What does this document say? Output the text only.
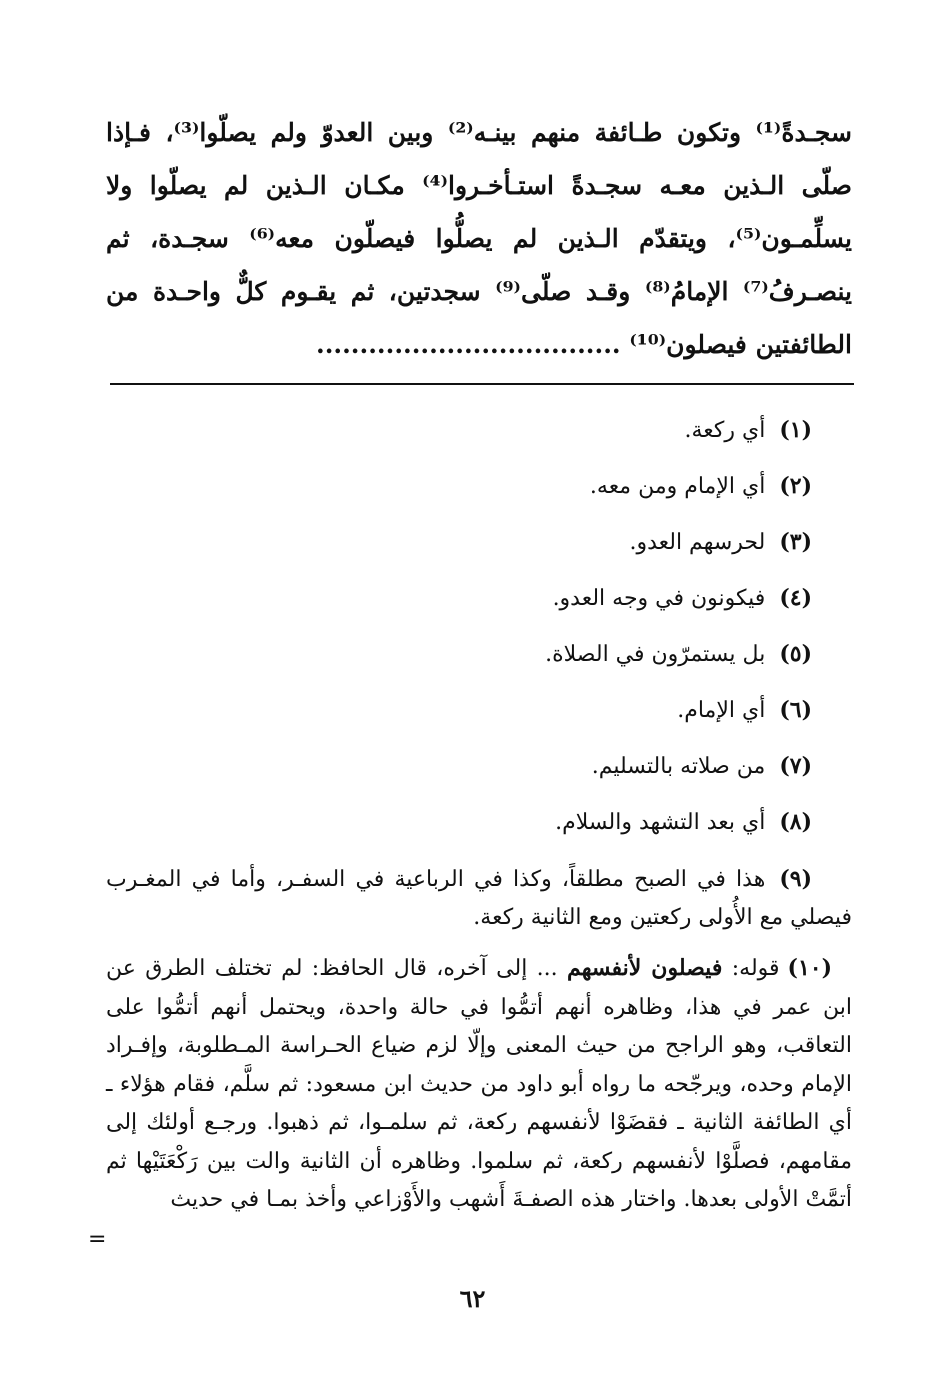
سجـدةً⁽¹⁾ وتكون طـائفة منهم بينـه⁽²⁾ وبين العدوّ ولم يصلّوا⁽³⁾، فـإذا صلّى الـذين معـه سجـدةً استـأخـروا⁽⁴⁾ مكـان الـذين لم يصلّوا ولا يسلِّمـون⁽⁵⁾، ويتقدّم الـذين لم يصلُّوا فيصلّون معه⁽⁶⁾ سجـدة، ثم ينصـرفُ⁽⁷⁾ الإمامُ⁽⁸⁾ وقـد صلّى⁽⁹⁾ سجدتين، ثم يقـوم كلٌّ واحـدة من الطائفتين فيصلون⁽¹⁰⁾ ...................................

(١)أي ركعة.

(٢)أي الإمام ومن معه.

(٣)لحرسهم العدو.

(٤)فيكونون في وجه العدو.

(٥)بل يستمرّون في الصلاة.

(٦)أي الإمام.

(٧)من صلاته بالتسليم.

(٨)أي بعد التشهد والسلام.

(٩)هذا في الصبح مطلقاً، وكذا في الرباعية في السفـر، وأما في المغـرب فيصلي مع الأُولى ركعتين ومع الثانية ركعة.

(١٠)قوله: فيصلون لأنفسهم ... إلى آخره، قال الحافظ: لم تختلف الطرق عن ابن عمر في هذا، وظاهره أنهم أتمُّوا في حالة واحدة، ويحتمل أنهم أتمُّوا على التعاقب، وهو الراجح من حيث المعنى وإلّا لزم ضياع الحـراسة المـطلوبة، وإفـراد الإمام وحده، ويرجّحه ما رواه أبو داود من حديث ابن مسعود: ثم سلَّم، فقام هؤلاء ـ أي الطائفة الثانية ـ فقضَوْا لأنفسهم ركعة، ثم سلمـوا، ثم ذهبوا. ورجـع أولئك إلى مقامهم، فصلَّوْا لأنفسهم ركعة، ثم سلموا. وظاهره أن الثانية والت بين رَكْعَتَيْها ثم أتمَّتْ الأولى بعدها. واختار هذه الصفـةَ أَشهب والأَوْزاعي وأخذ بمـا في حديث

=
٦٢
